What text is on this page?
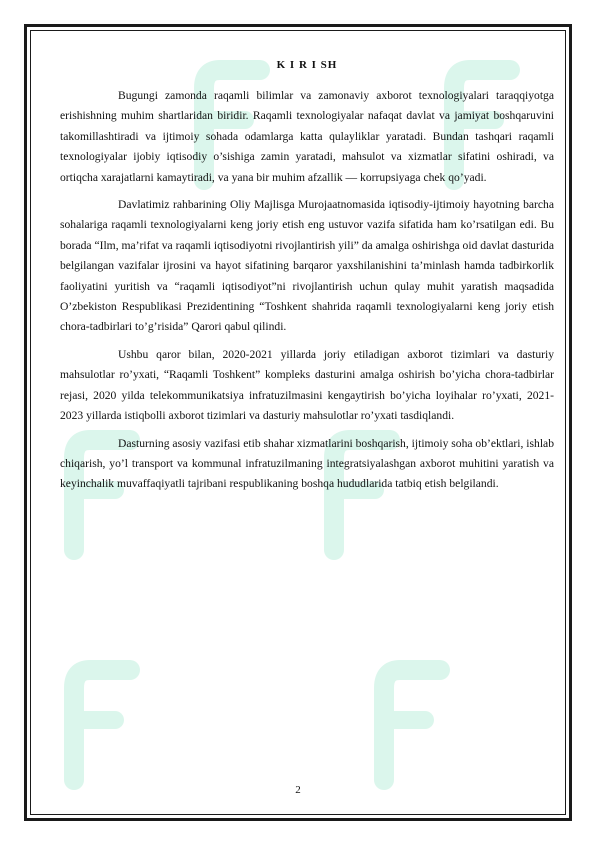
K I R I SH

Bugungi zamonda raqamli bilimlar va zamonaviy axborot texnologiyalari taraqqiyotga erishishning muhim shartlaridan biridir. Raqamli texnologiyalar nafaqat davlat va jamiyat boshqaruvini takomillashtiradi va ijtimoiy sohada odamlarga katta qulayliklar yaratadi. Bundan tashqari raqamli texnologiyalar ijobiy iqtisodiy o’sishiga zamin yaratadi, mahsulot va xizmatlar sifatini oshiradi, va ortiqcha xarajatlarni kamaytiradi, va yana bir muhim afzallik — korrupsiyaga chek qo’yadi.

Davlatimiz rahbarining Oliy Majlisga Murojaatnomasida iqtisodiy-ijtimoiy hayotning barcha sohalariga raqamli texnologiyalarni keng joriy etish eng ustuvor vazifa sifatida ham ko’rsatilgan edi. Bu borada “Ilm, ma’rifat va raqamli iqtisodiyotni rivojlantirish yili” da amalga oshirishga oid davlat dasturida belgilangan vazifalar ijrosini va hayot sifatining barqaror yaxshilanishini ta’minlash hamda tadbirkorlik faoliyatini yuritish va “raqamli iqtisodiyot”ni rivojlantirish uchun qulay muhit yaratish maqsadida O’zbekiston Respublikasi Prezidentining “Toshkent shahrida raqamli texnologiyalarni keng joriy etish chora-tadbirlari to’g’risida” Qarori qabul qilindi.

Ushbu qaror bilan, 2020-2021 yillarda joriy etiladigan axborot tizimlari va dasturiy mahsulotlar ro’yxati, “Raqamli Toshkent” kompleks dasturini amalga oshirish bo’yicha chora-tadbirlar rejasi, 2020 yilda telekommunikatsiya infratuzilmasini kengaytirish bo’yicha loyihalar ro’yxati, 2021- 2023 yillarda istiqbolli axborot tizimlari va dasturiy mahsulotlar ro’yxati tasdiqlandi.

Dasturning asosiy vazifasi etib shahar xizmatlarini boshqarish, ijtimoiy soha ob’ektlari, ishlab chiqarish, yo’l transport va kommunal infratuzilmaning integratsiyalashgan axborot muhitini yaratish va keyinchalik muvaffaqiyatli tajribani respublikaning boshqa hududlarida tatbiq etish belgilandi.

2
